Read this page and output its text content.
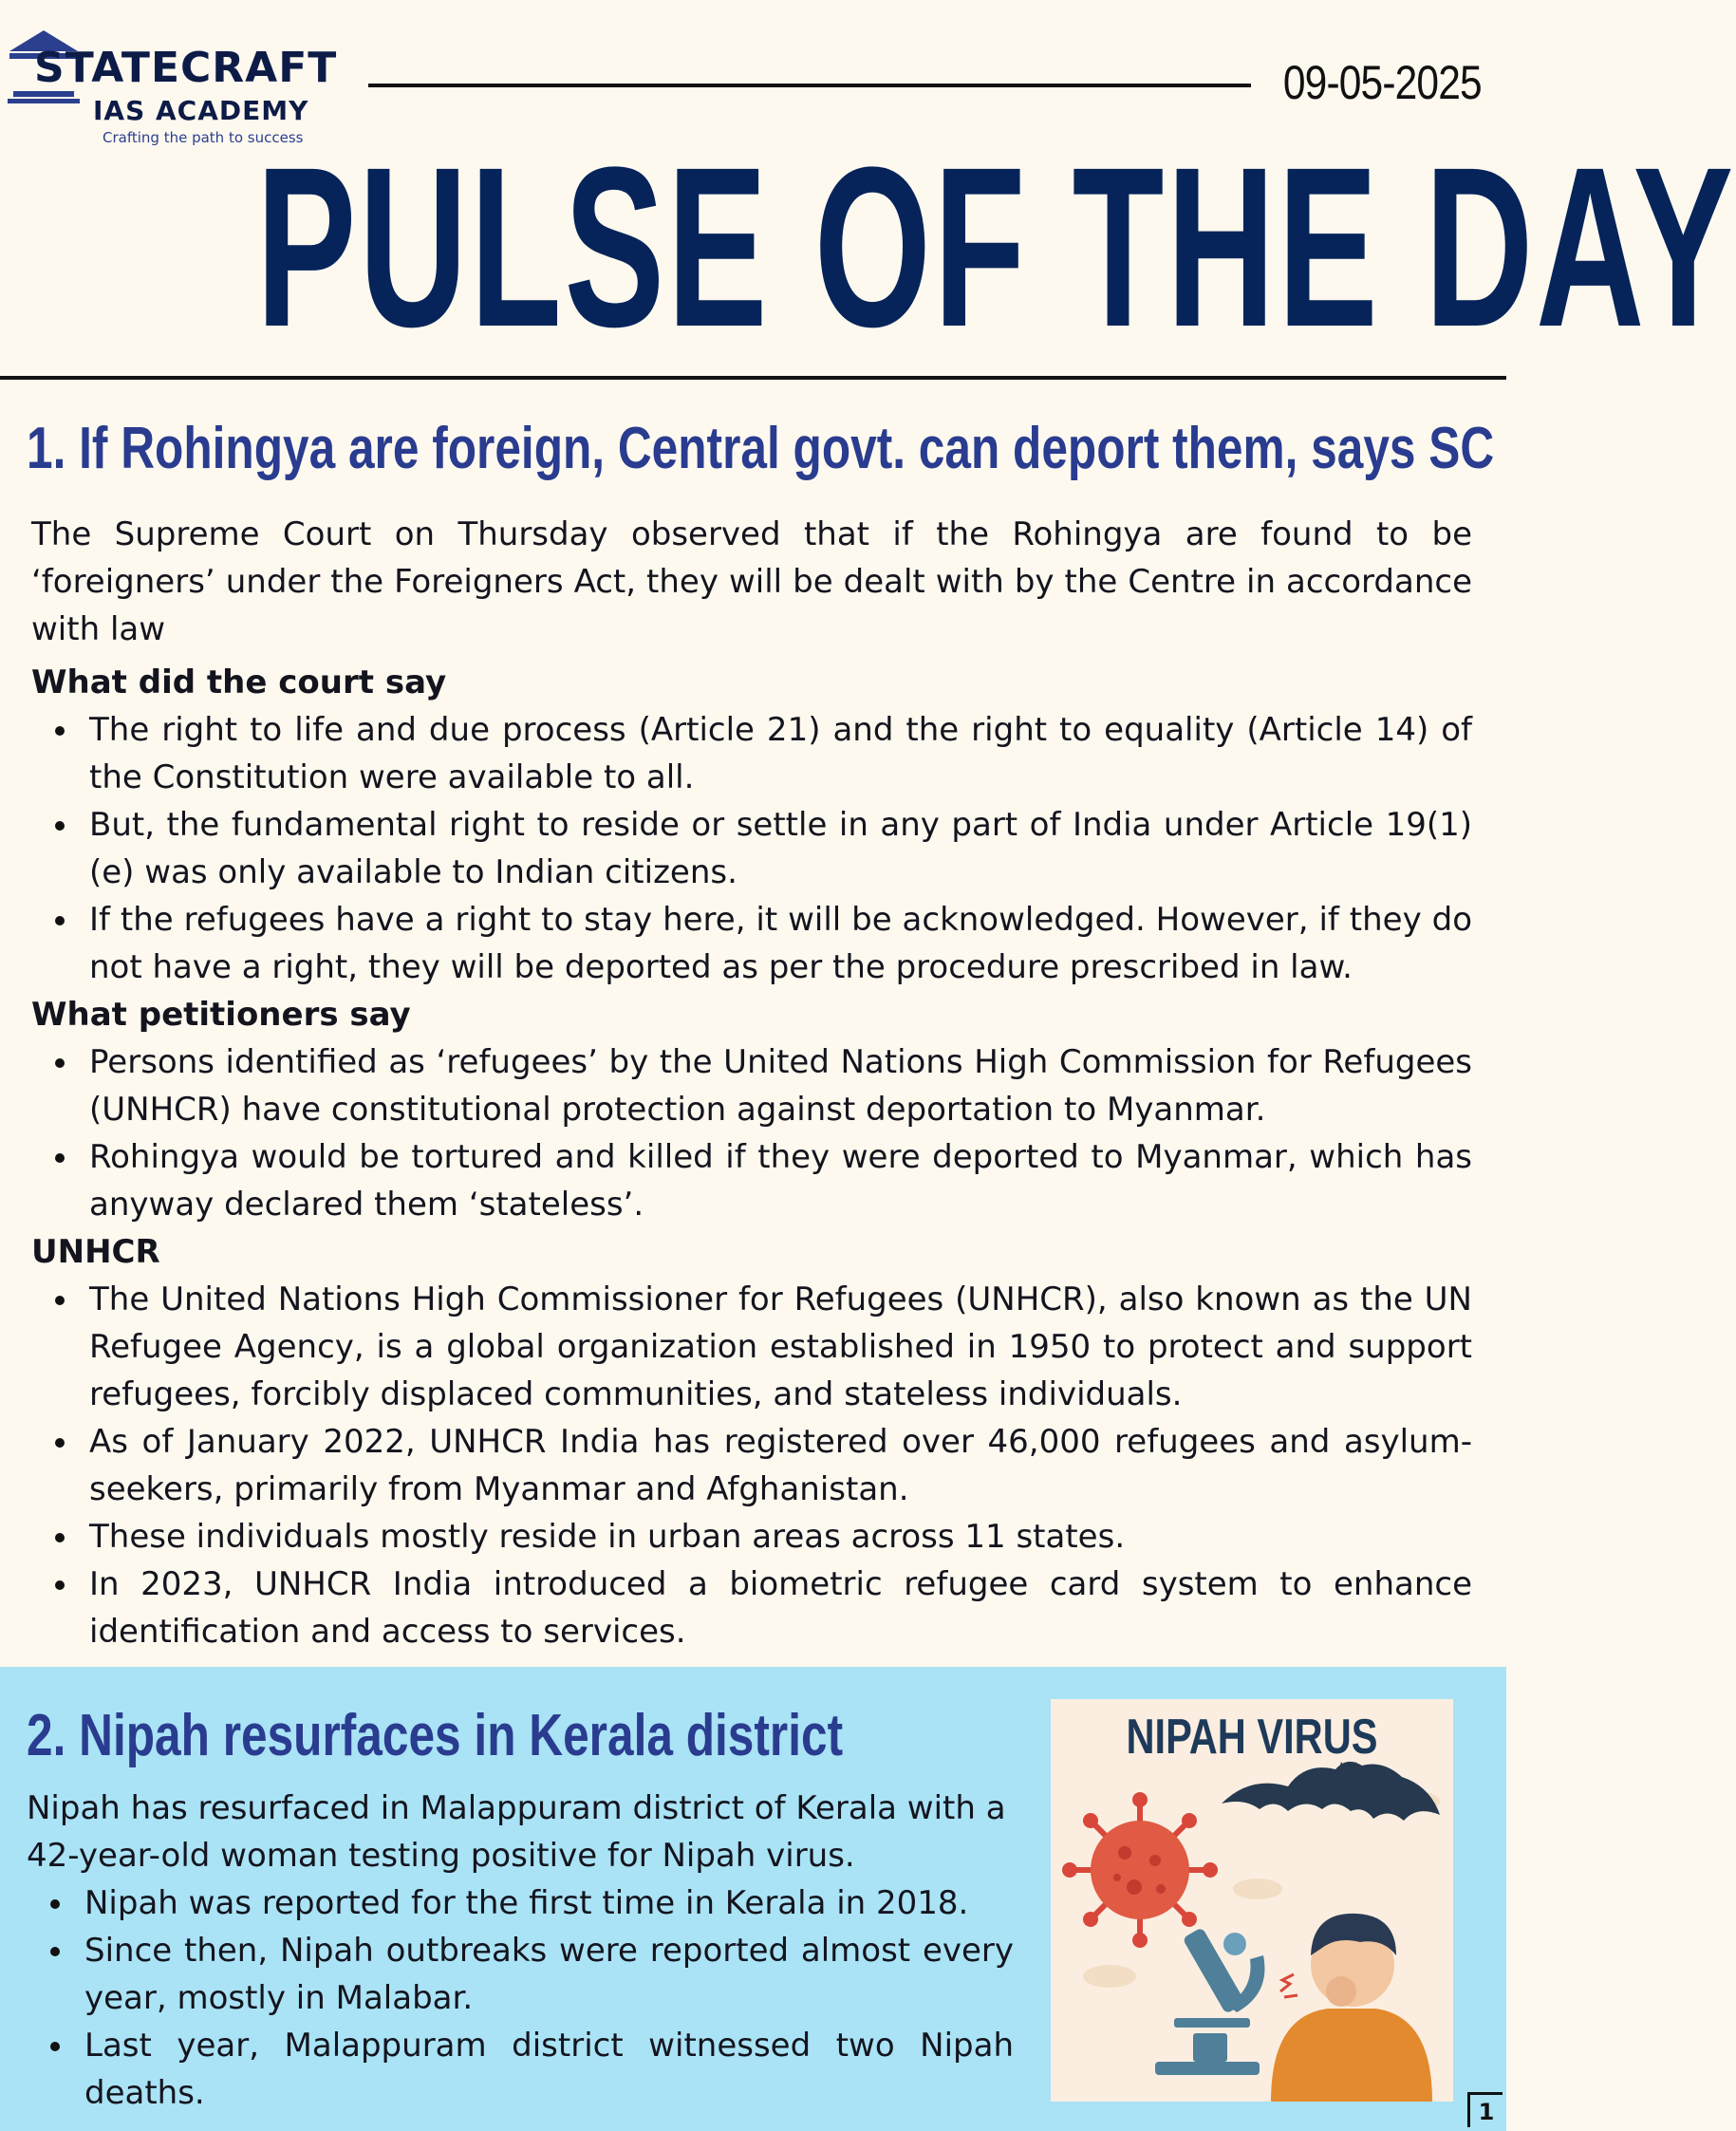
STATECRAFT
IAS ACADEMY
Crafting the path to success
09-05-2025
PULSE OF THE DAY
1. If Rohingya are foreign, Central govt. can deport them, says SC

The Supreme Court on Thursday observed that if the Rohingya are found to be ‘foreigners’ under the Foreigners Act, they will be dealt with by the Centre in accordance with law

What did the court say

The right to life and due process (Article 21) and the right to equality (Article 14) of the Constitution were available to all.
But, the fundamental right to reside or settle in any part of India under Article 19(1)(e) was only available to Indian citizens.
If the refugees have a right to stay here, it will be acknowledged. However, if they do not have a right, they will be deported as per the procedure prescribed in law.

What petitioners say

Persons identified as ‘refugees’ by the United Nations High Commission for Refugees (UNHCR) have constitutional protection against deportation to Myanmar.
Rohingya would be tortured and killed if they were deported to Myanmar, which has anyway declared them ‘stateless’.

UNHCR

The United Nations High Commissioner for Refugees (UNHCR), also known as the UN Refugee Agency, is a global organization established in 1950 to protect and support refugees, forcibly displaced communities, and stateless individuals.
As of January 2022, UNHCR India has registered over 46,000 refugees and asylum-seekers, primarily from Myanmar and Afghanistan.
These individuals mostly reside in urban areas across 11 states.
In 2023, UNHCR India introduced a biometric refugee card system to enhance identification and access to services.
2. Nipah resurfaces in Kerala district

Nipah has resurfaced in Malappuram district of Kerala with a 42-year-old woman testing positive for Nipah virus.

Nipah was reported for the first time in Kerala in 2018.
Since then, Nipah outbreaks were reported almost every year, mostly in Malabar.
Last year, Malappuram district witnessed two Nipah deaths.
NIPAH VIRUS
1
